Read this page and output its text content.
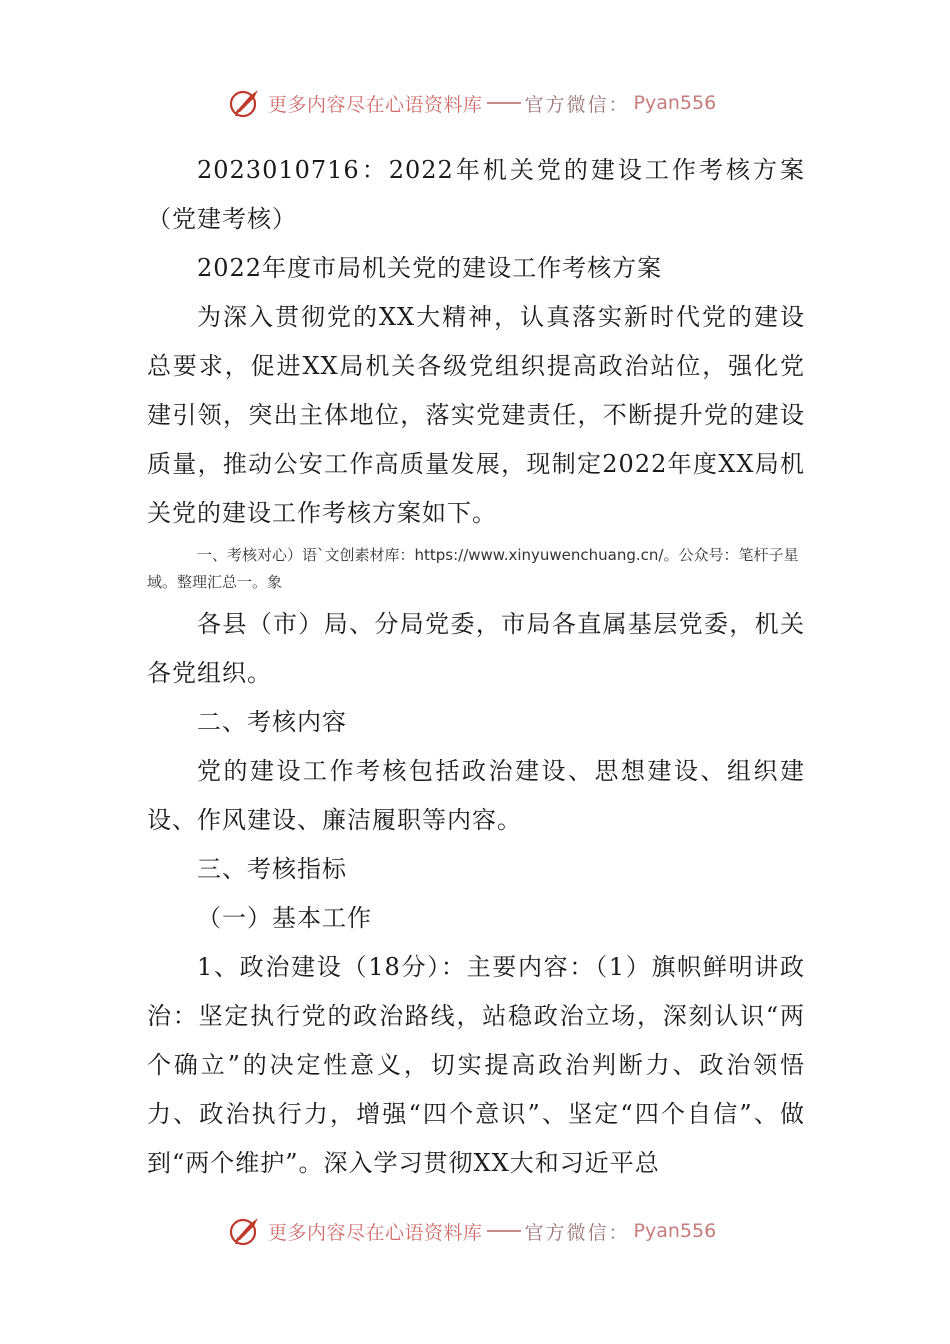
更多内容尽在心语资料库 官方微信： Pyan556

2023010716：2022年机关党的建设工作考核方案（党建考核）

2022年度市局机关党的建设工作考核方案

为深入贯彻党的XX大精神，认真落实新时代党的建设总要求，促进XX局机关各级党组织提高政治站位，强化党建引领，突出主体地位，落实党建责任，不断提升党的建设质量，推动公安工作高质量发展，现制定2022年度XX局机关党的建设工作考核方案如下。

一、考核对心）语`文创素材库：https://www.xinyuwenchuang.cn/。公众号：笔杆子星域。整理汇总一。象

各县（市）局、分局党委，市局各直属基层党委，机关各党组织。

二、考核内容

党的建设工作考核包括政治建设、思想建设、组织建设、作风建设、廉洁履职等内容。

三、考核指标

（一）基本工作

1、政治建设（18分）：主要内容：（1）旗帜鲜明讲政治：坚定执行党的政治路线，站稳政治立场，深刻认识“两个确立”的决定性意义，切实提高政治判断力、政治领悟力、政治执行力，增强“四个意识”、坚定“四个自信”、做到“两个维护”。深入学习贯彻XX大和习近平总

更多内容尽在心语资料库 官方微信： Pyan556
